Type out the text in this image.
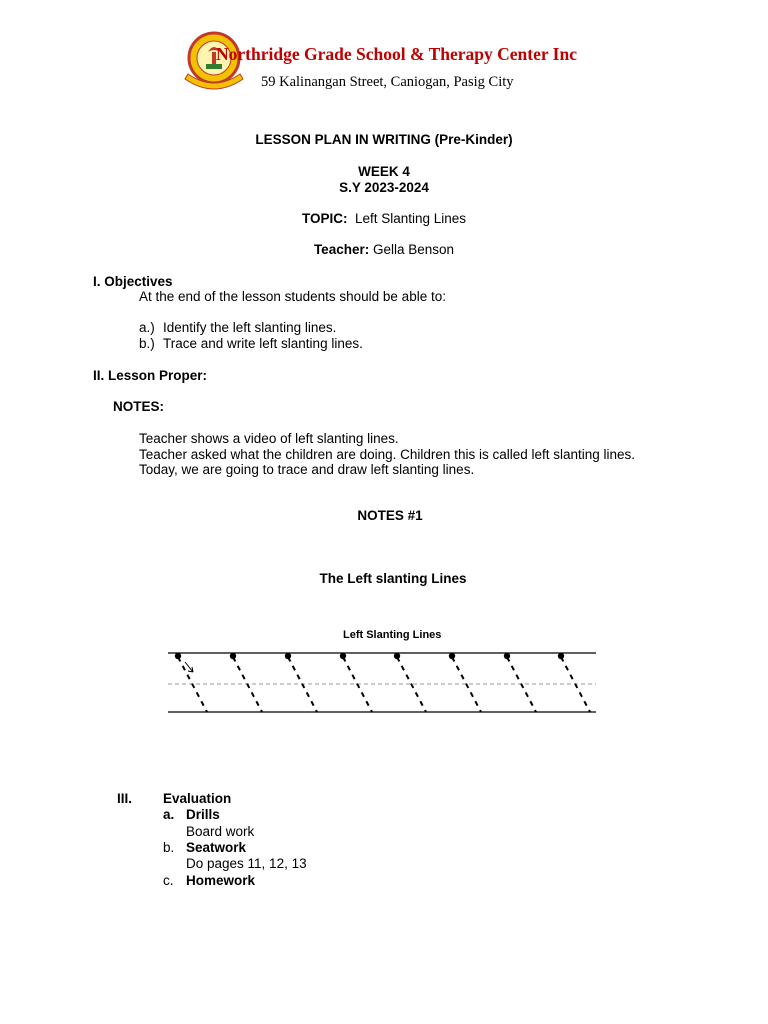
Northridge Grade School & Therapy Center Inc
59 Kalinangan Street, Caniogan, Pasig City
LESSON PLAN IN WRITING (Pre-Kinder)
WEEK 4
S.Y 2023-2024
TOPIC: Left Slanting Lines
Teacher: Gella Benson
I. Objectives
At the end of the lesson students should be able to:
a.) Identify the left slanting lines.
b.) Trace and write left slanting lines.
II. Lesson Proper:
NOTES:
Teacher shows a video of left slanting lines.
Teacher asked what the children are doing. Children this is called left slanting lines.
Today, we are going to trace and draw left slanting lines.
NOTES #1
The Left slanting Lines
Left Slanting Lines
III. Evaluation
a. Drills
Board work
b. Seatwork
Do pages 11, 12, 13
c. Homework
